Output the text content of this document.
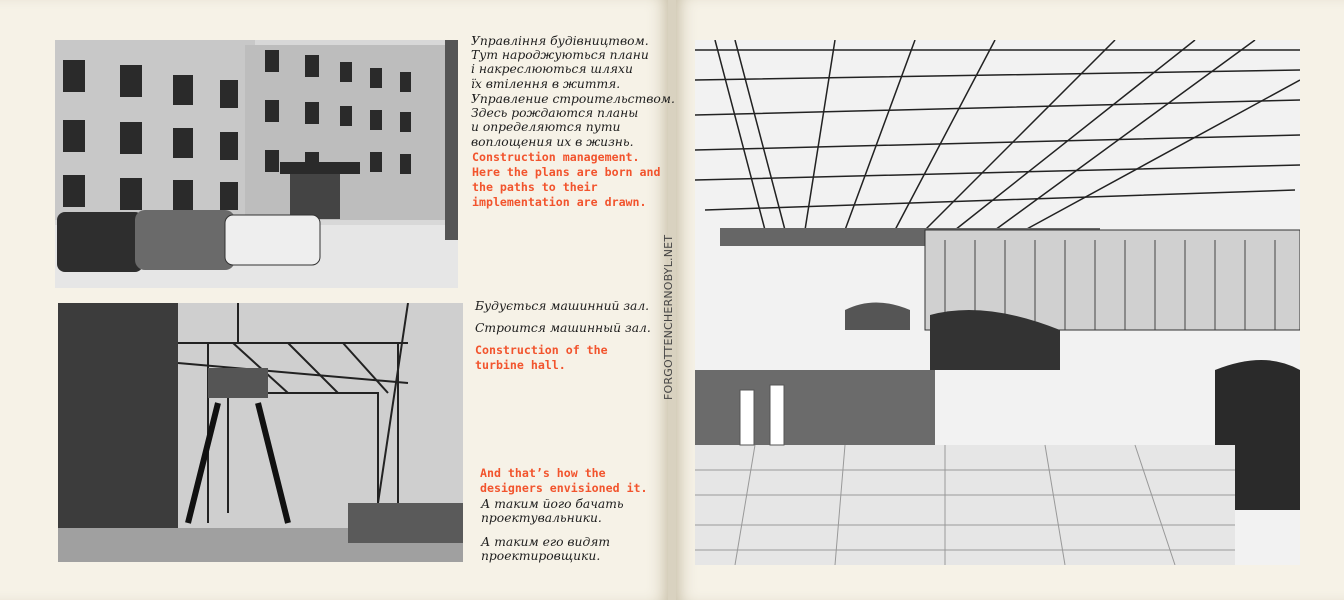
Управління будівництвом.
Тут народжуються плани
і накреслюються шляхи
їх втілення в життя.

Управление строительством.
Здесь рождаются планы
и определяются пути
воплощения их в жизнь.

Construction management.
Here the plans are born and
the paths to their
implementation are drawn.

Будується машинний зал.

Строится машинный зал.

Construction of the
turbine hall.

And that’s how the
designers envisioned it.

А таким його бачать
проектувальники.

А таким его видят
проектировщики.

FORGOTTENCHERNOBYL.NET
